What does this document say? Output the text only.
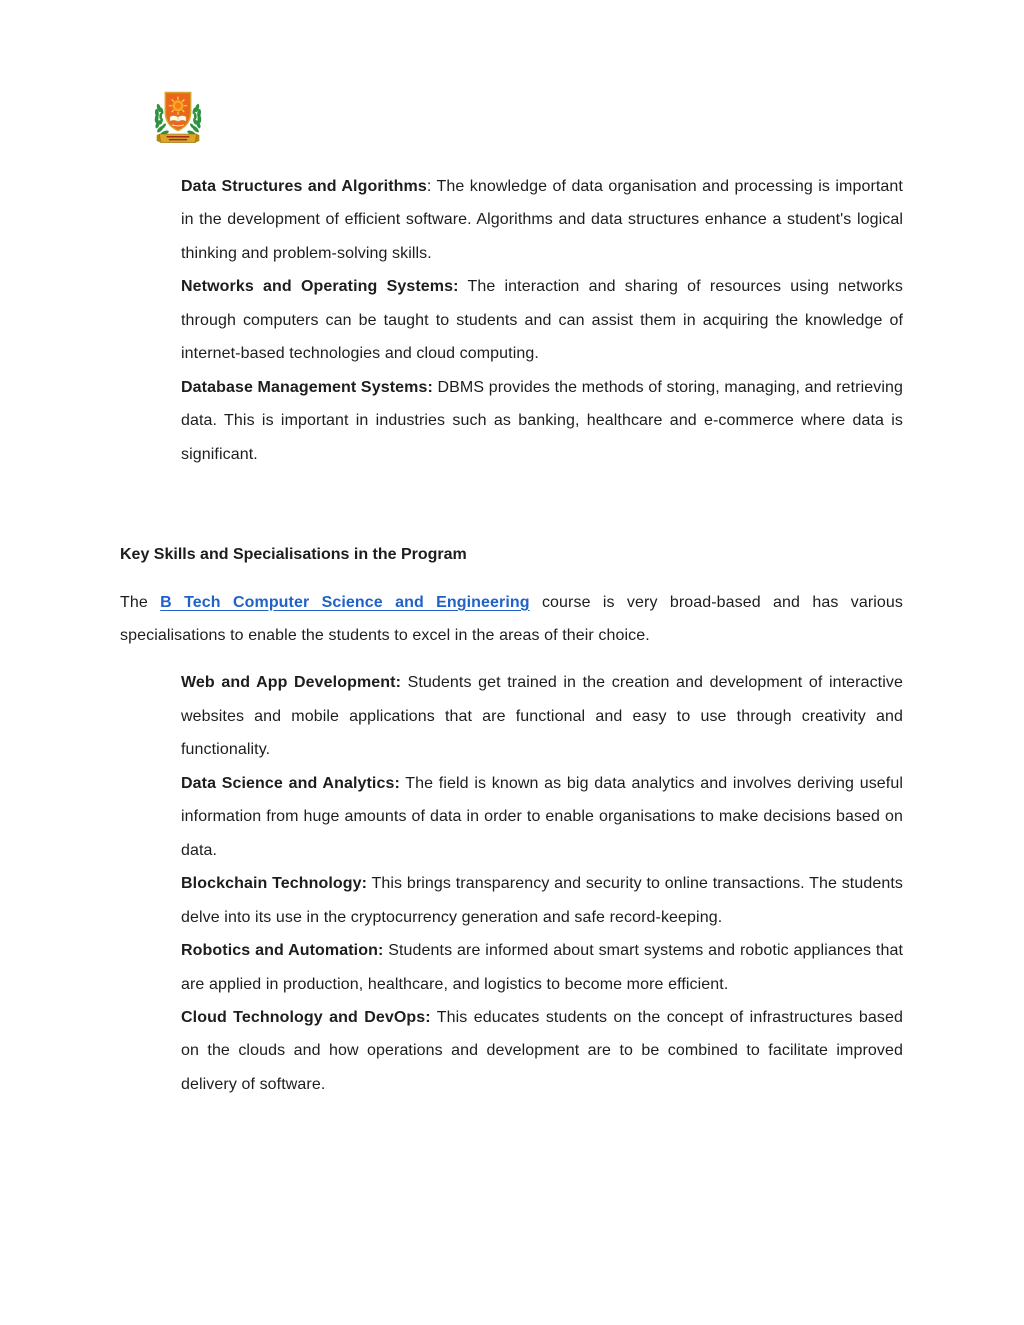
Data Structures and Algorithms: The knowledge of data organisation and processing is important in the development of efficient software. Algorithms and data structures enhance a student's logical thinking and problem-solving skills.

Networks and Operating Systems: The interaction and sharing of resources using networks through computers can be taught to students and can assist them in acquiring the knowledge of internet-based technologies and cloud computing.

Database Management Systems: DBMS provides the methods of storing, managing, and retrieving data. This is important in industries such as banking, healthcare and e-commerce where data is significant.

Key Skills and Specialisations in the Program

The B Tech Computer Science and Engineering course is very broad-based and has various specialisations to enable the students to excel in the areas of their choice.

Web and App Development: Students get trained in the creation and development of interactive websites and mobile applications that are functional and easy to use through creativity and functionality.

Data Science and Analytics: The field is known as big data analytics and involves deriving useful information from huge amounts of data in order to enable organisations to make decisions based on data.

Blockchain Technology: This brings transparency and security to online transactions. The students delve into its use in the cryptocurrency generation and safe record-keeping.

Robotics and Automation: Students are informed about smart systems and robotic appliances that are applied in production, healthcare, and logistics to become more efficient.

Cloud Technology and DevOps: This educates students on the concept of infrastructures based on the clouds and how operations and development are to be combined to facilitate improved delivery of software.
